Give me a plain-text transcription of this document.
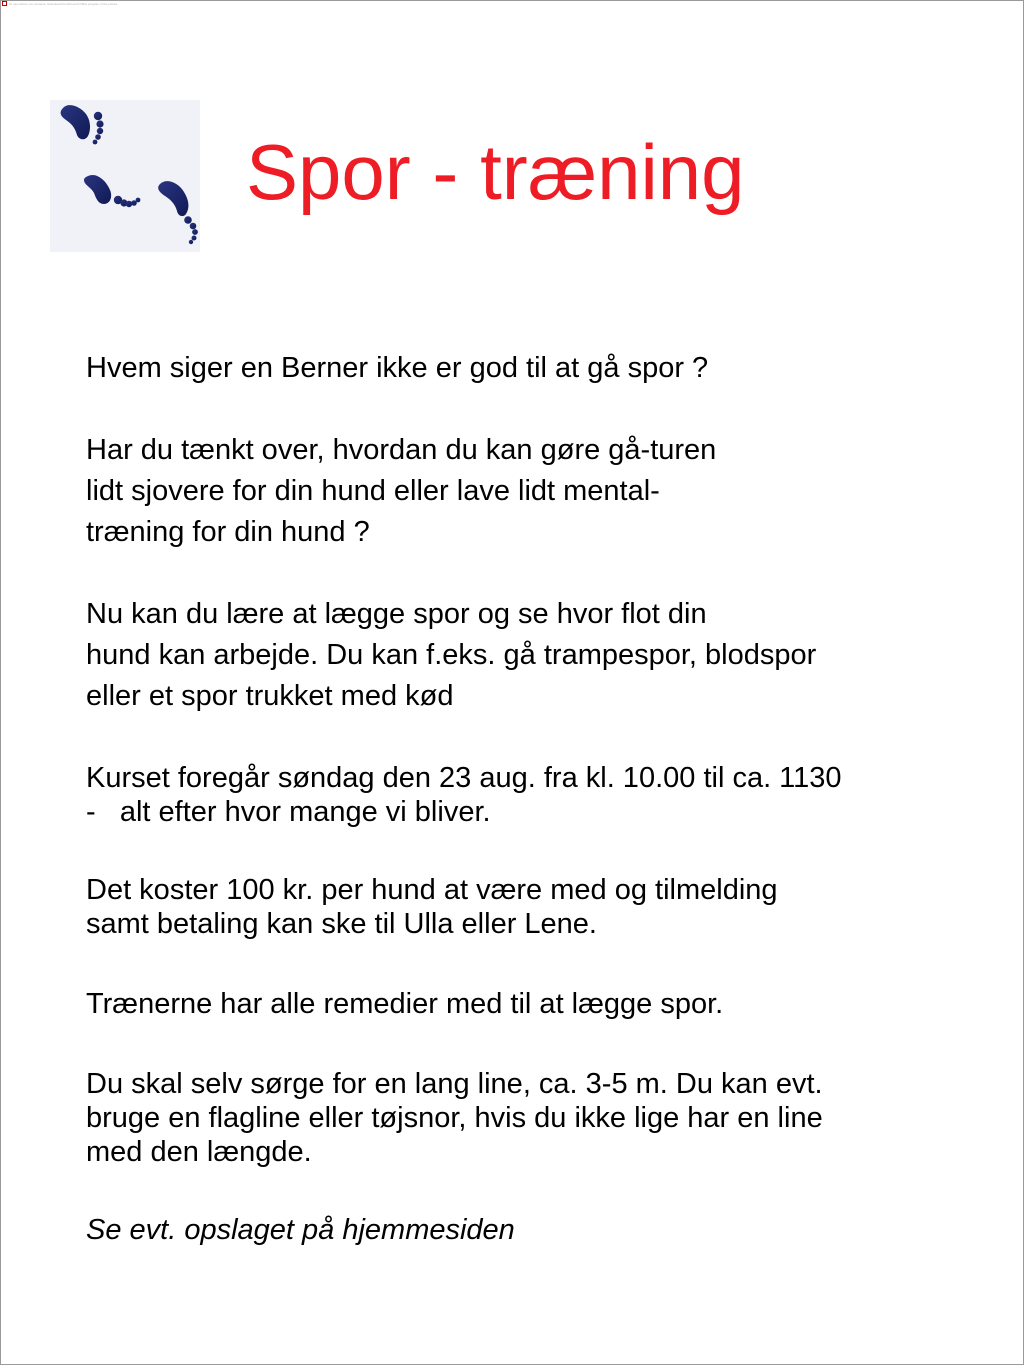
To use picture you contents, Download the Microsoft Office program of the picture.
Spor - træning

Hvem siger en Berner ikke er god til at gå spor ?

Har du tænkt over, hvordan du kan gøre gå-turen

lidt sjovere for din hund eller lave lidt mental-

træning for din hund ?

Nu kan du lære at lægge spor og se hvor flot din

hund kan arbejde. Du kan f.eks. gå trampespor, blodspor

eller et spor trukket med kød

Kurset foregår søndag den 23 aug. fra kl. 10.00 til ca. 1130

-   alt efter hvor mange vi bliver.

Det koster 100 kr. per hund at være med og tilmelding

samt betaling kan ske til Ulla eller Lene.

Trænerne har alle remedier med til at lægge spor.

Du skal selv sørge for en lang line, ca. 3-5 m. Du kan evt.

bruge en flagline eller tøjsnor, hvis du ikke lige har en line

med den længde.

Se evt. opslaget på hjemmesiden
